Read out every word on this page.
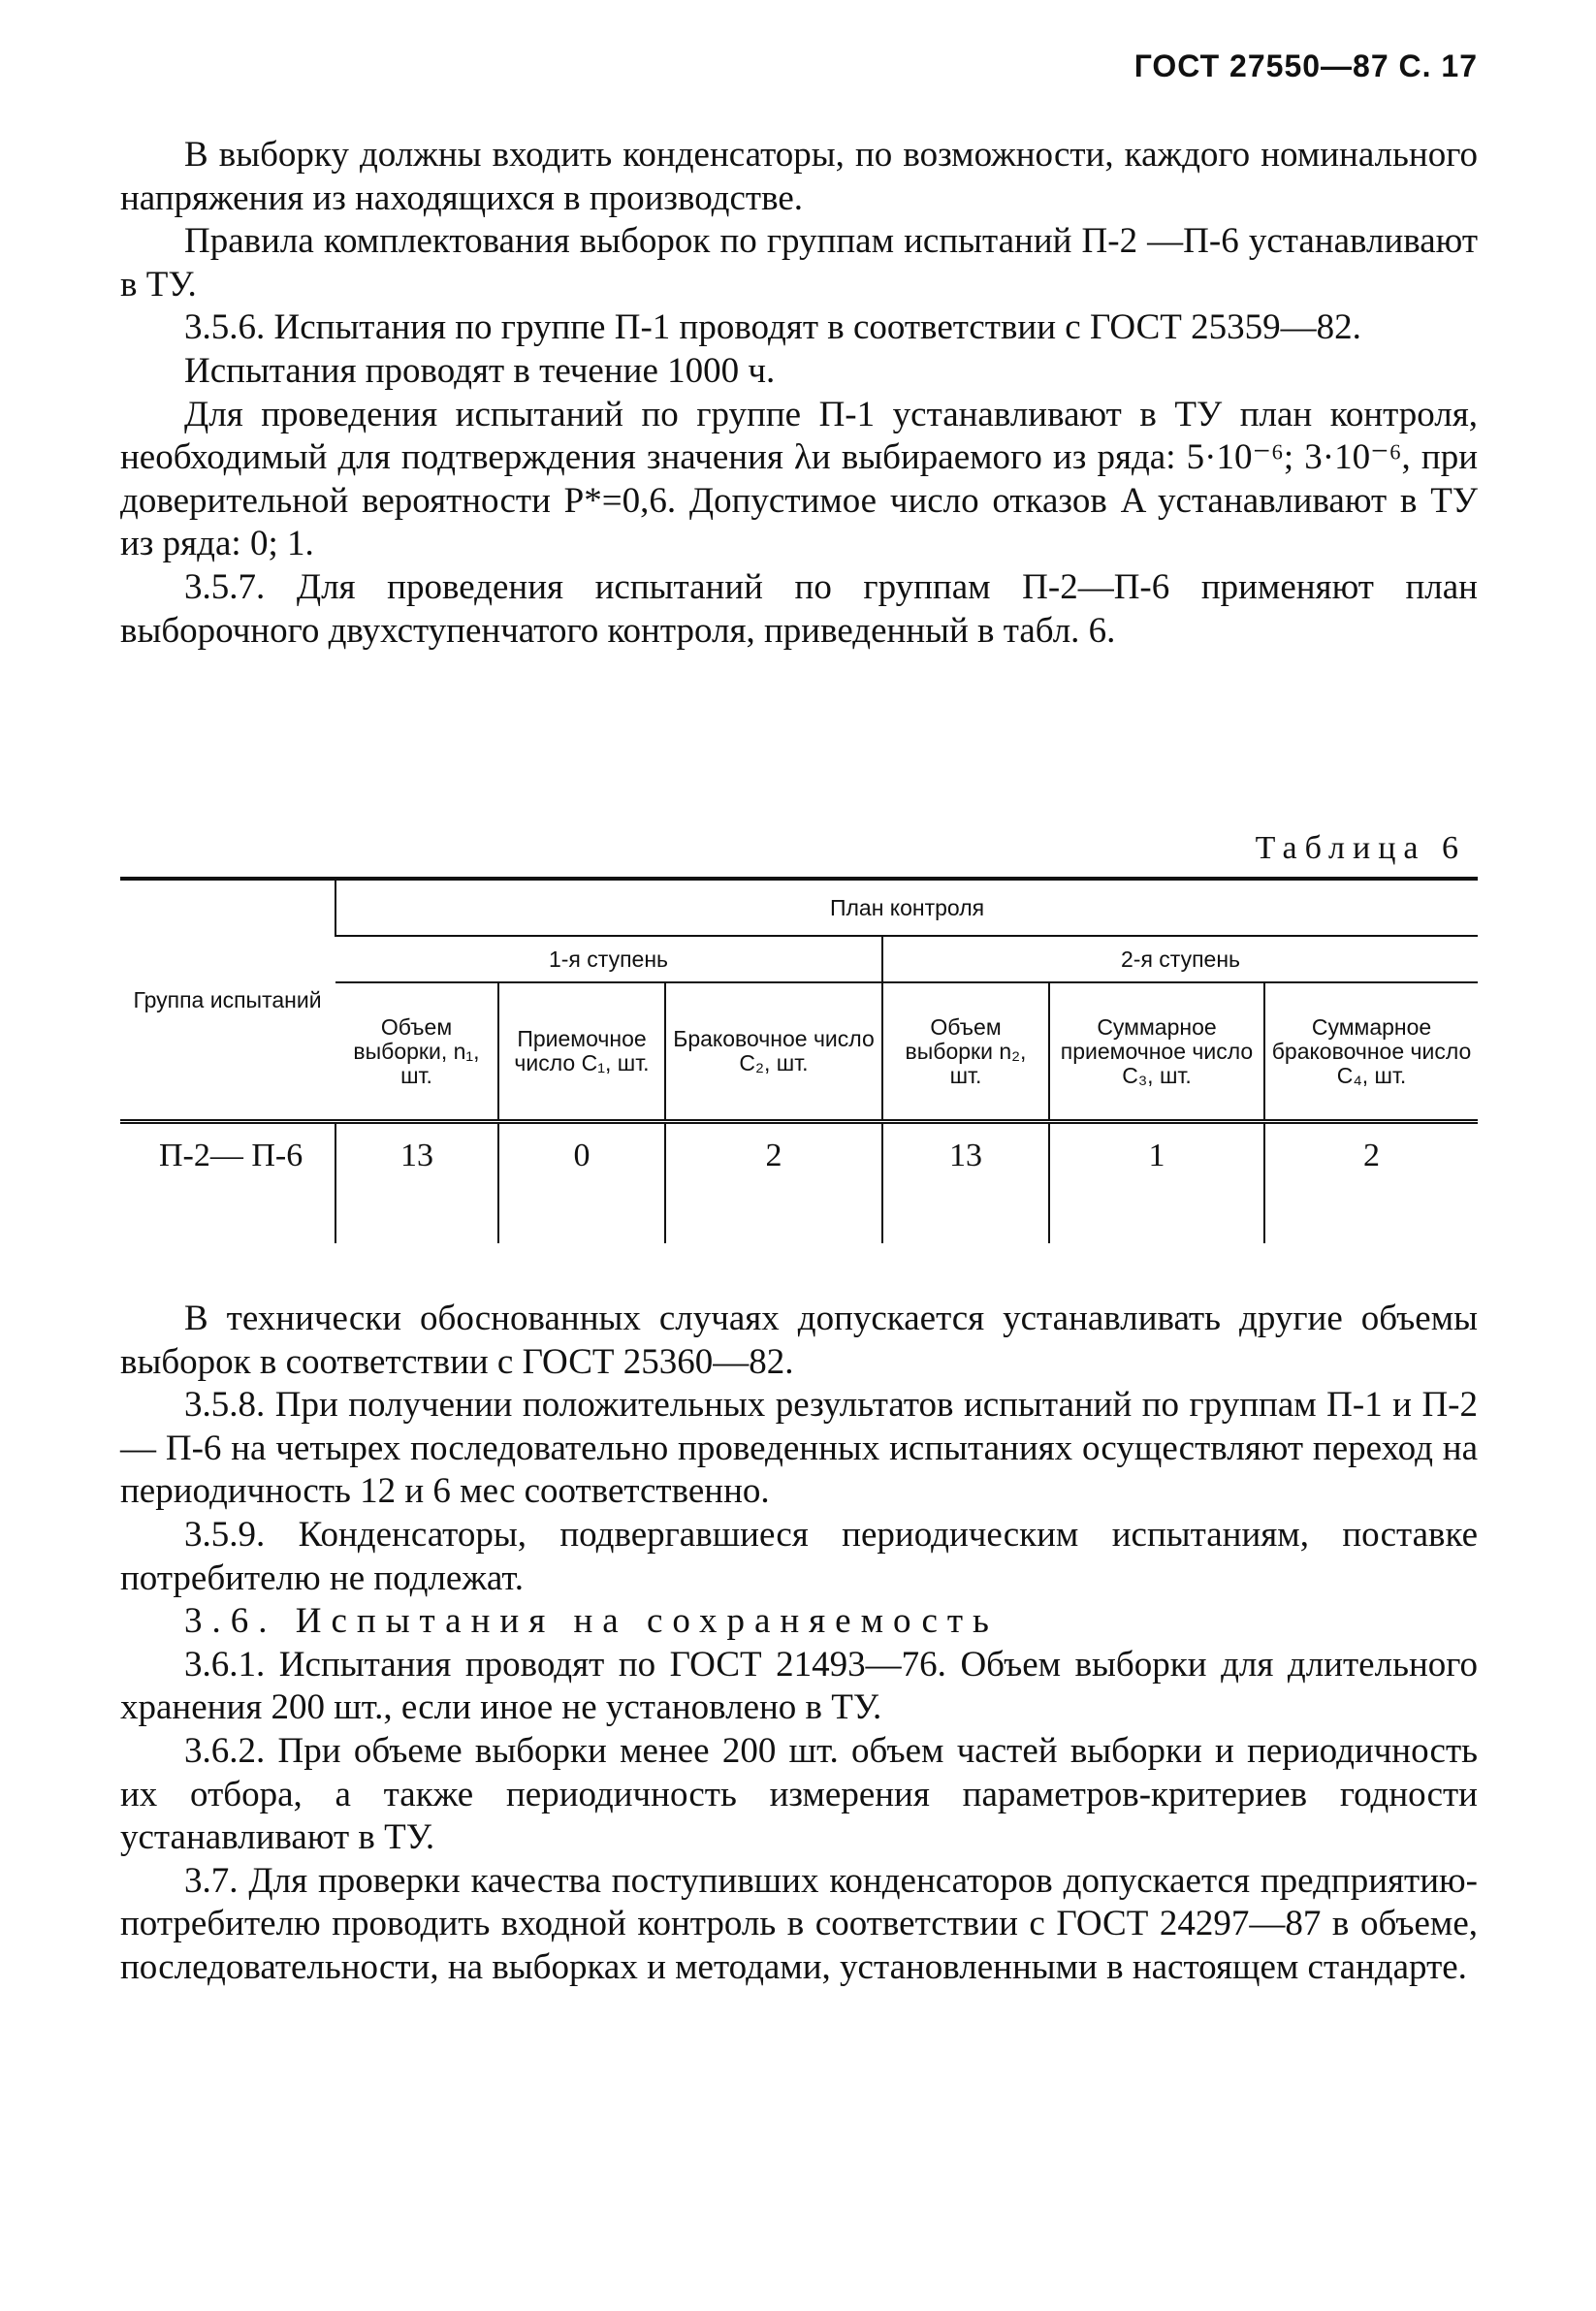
ГОСТ 27550—87 С. 17

В выборку должны входить конденсаторы, по возможности, каждого номинального напряжения из находящихся в производстве.

Правила комплектования выборок по группам испытаний П-2 —П-6 устанавливают в ТУ.

3.5.6. Испытания по группе П-1 проводят в соответствии с ГОСТ 25359—82.

Испытания проводят в течение 1000 ч.

Для проведения испытаний по группе П-1 устанавливают в ТУ план контроля, необходимый для подтверждения значения λи выбираемого из ряда: 5·10⁻⁶; 3·10⁻⁶, при доверительной вероятности P*=0,6. Допустимое число отказов A устанавливают в ТУ из ряда: 0; 1.

3.5.7. Для проведения испытаний по группам П-2—П-6 применяют план выборочного двухступенчатого контроля, приведенный в табл. 6.

Таблица 6
Группа испытаний	План контроля					
	1-я ступень			2-я ступень		
	Объем выборки, n₁, шт.	Приемочное число C₁, шт.	Браковочное число C₂, шт.	Объем выборки n₂, шт.	Суммарное приемочное число C₃, шт.	Суммарное браковочное число C₄, шт.
П-2— П-6	13	0	2	13	1	2

В технически обоснованных случаях допускается устанавливать другие объемы выборок в соответствии с ГОСТ 25360—82.

3.5.8. При получении положительных результатов испытаний по группам П-1 и П-2 — П-6 на четырех последовательно проведенных испытаниях осуществляют переход на периодичность 12 и 6 мес соответственно.

3.5.9. Конденсаторы, подвергавшиеся периодическим испытаниям, поставке потребителю не подлежат.

3.6. Испытания на сохраняемость

3.6.1. Испытания проводят по ГОСТ 21493—76. Объем выборки для длительного хранения 200 шт., если иное не установлено в ТУ.

3.6.2. При объеме выборки менее 200 шт. объем частей выборки и периодичность их отбора, а также периодичность измерения параметров-критериев годности устанавливают в ТУ.

3.7. Для проверки качества поступивших конденсаторов допускается предприятию-потребителю проводить входной контроль в соответствии с ГОСТ 24297—87 в объеме, последовательности, на выборках и методами, установленными в настоящем стандарте.
